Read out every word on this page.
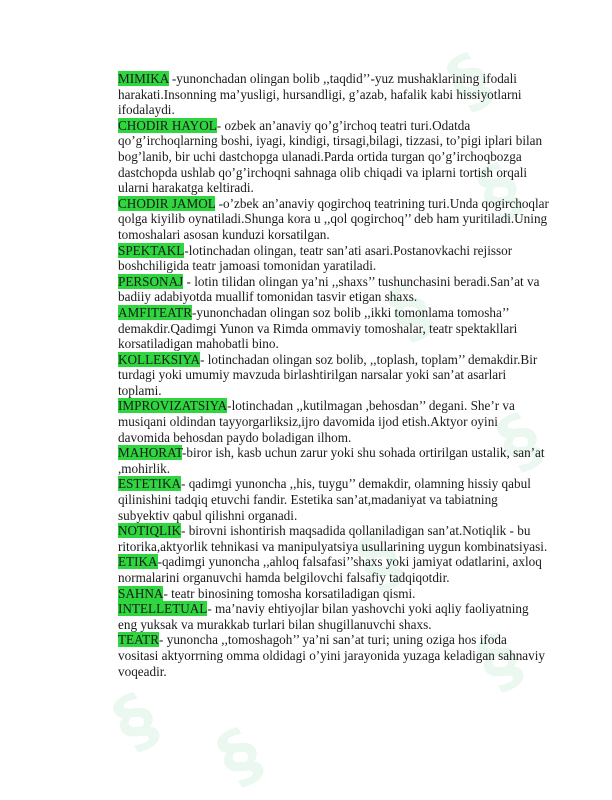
§
§
§
§
§
§
§ §

MIMIKA -yunonchadan olingan bolib ,,taqdid’’-yuz mushaklarining ifodali harakati.Insonning ma’yusligi, hursandligi, g’azab, hafalik kabi hissiyotlarni ifodalaydi.

CHODIR HAYOL- ozbek an’anaviy qo’g’irchoq teatri turi.Odatda qo’g’irchoqlarning boshi, iyagi, kindigi, tirsagi,bilagi, tizzasi, to’pigi iplari bilan bog’lanib, bir uchi dastchopga ulanadi.Parda ortida turgan qo’g’irchoqbozga dastchopda ushlab qo’g’irchoqni sahnaga olib chiqadi va iplarni tortish orqali ularni harakatga keltiradi.

CHODIR JAMOL -o’zbek an’anaviy qogirchoq teatrining turi.Unda qogirchoqlar qolga kiyilib oynatiladi.Shunga kora u ,,qol qogirchoq’’ deb ham yuritiladi.Uning tomoshalari asosan kunduzi korsatilgan.

SPEKTAKL-lotinchadan olingan, teatr san’ati asari.Postanovkachi rejissor boshchiligida teatr jamoasi tomonidan yaratiladi.

PERSONAJ - lotin tilidan olingan ya’ni ,,shaxs’’ tushunchasini beradi.San’at va badiiy adabiyotda muallif tomonidan tasvir etigan shaxs.

AMFITEATR-yunonchadan olingan soz bolib ,,ikki tomonlama tomosha’’ demakdir.Qadimgi Yunon va Rimda ommaviy tomoshalar, teatr spektakllari korsatiladigan mahobatli bino.

KOLLEKSIYA- lotinchadan olingan soz bolib, ,,toplash, toplam’’ demakdir.Bir turdagi yoki umumiy mavzuda birlashtirilgan narsalar yoki san’at asarlari toplami.

IMPROVIZATSIYA-lotinchadan ,,kutilmagan ,behosdan’’ degani. She’r va musiqani oldindan tayyorgarliksiz,ijro davomida ijod etish.Aktyor oyini davomida behosdan paydo boladigan ilhom.

MAHORAT-biror ish, kasb uchun zarur yoki shu sohada ortirilgan ustalik, san’at ,mohirlik.

ESTETIKA- qadimgi yunoncha ,,his, tuygu’’ demakdir, olamning hissiy qabul qilinishini tadqiq etuvchi fandir. Estetika san’at,madaniyat va tabiatning subyektiv qabul qilishni organadi.

NOTIQLIK- birovni ishontirish maqsadida qollaniladigan san’at.Notiqlik - bu ritorika,aktyorlik tehnikasi va manipulyatsiya usullarining uygun kombinatsiyasi.

ETIKA-qadimgi yunoncha ,,ahloq falsafasi’’shaxs yoki jamiyat odatlarini, axloq normalarini organuvchi hamda belgilovchi falsafiy tadqiqotdir.

SAHNA- teatr binosining tomosha korsatiladigan qismi.

INTELLETUAL- ma’naviy ehtiyojlar bilan yashovchi yoki aqliy faoliyatning eng yuksak va murakkab turlari bilan shugillanuvchi shaxs.

TEATR- yunoncha ,,tomoshagoh’’ ya’ni san’at turi; uning oziga hos ifoda vositasi aktyorrning omma oldidagi o’yini jarayonida yuzaga keladigan sahnaviy voqeadir.
